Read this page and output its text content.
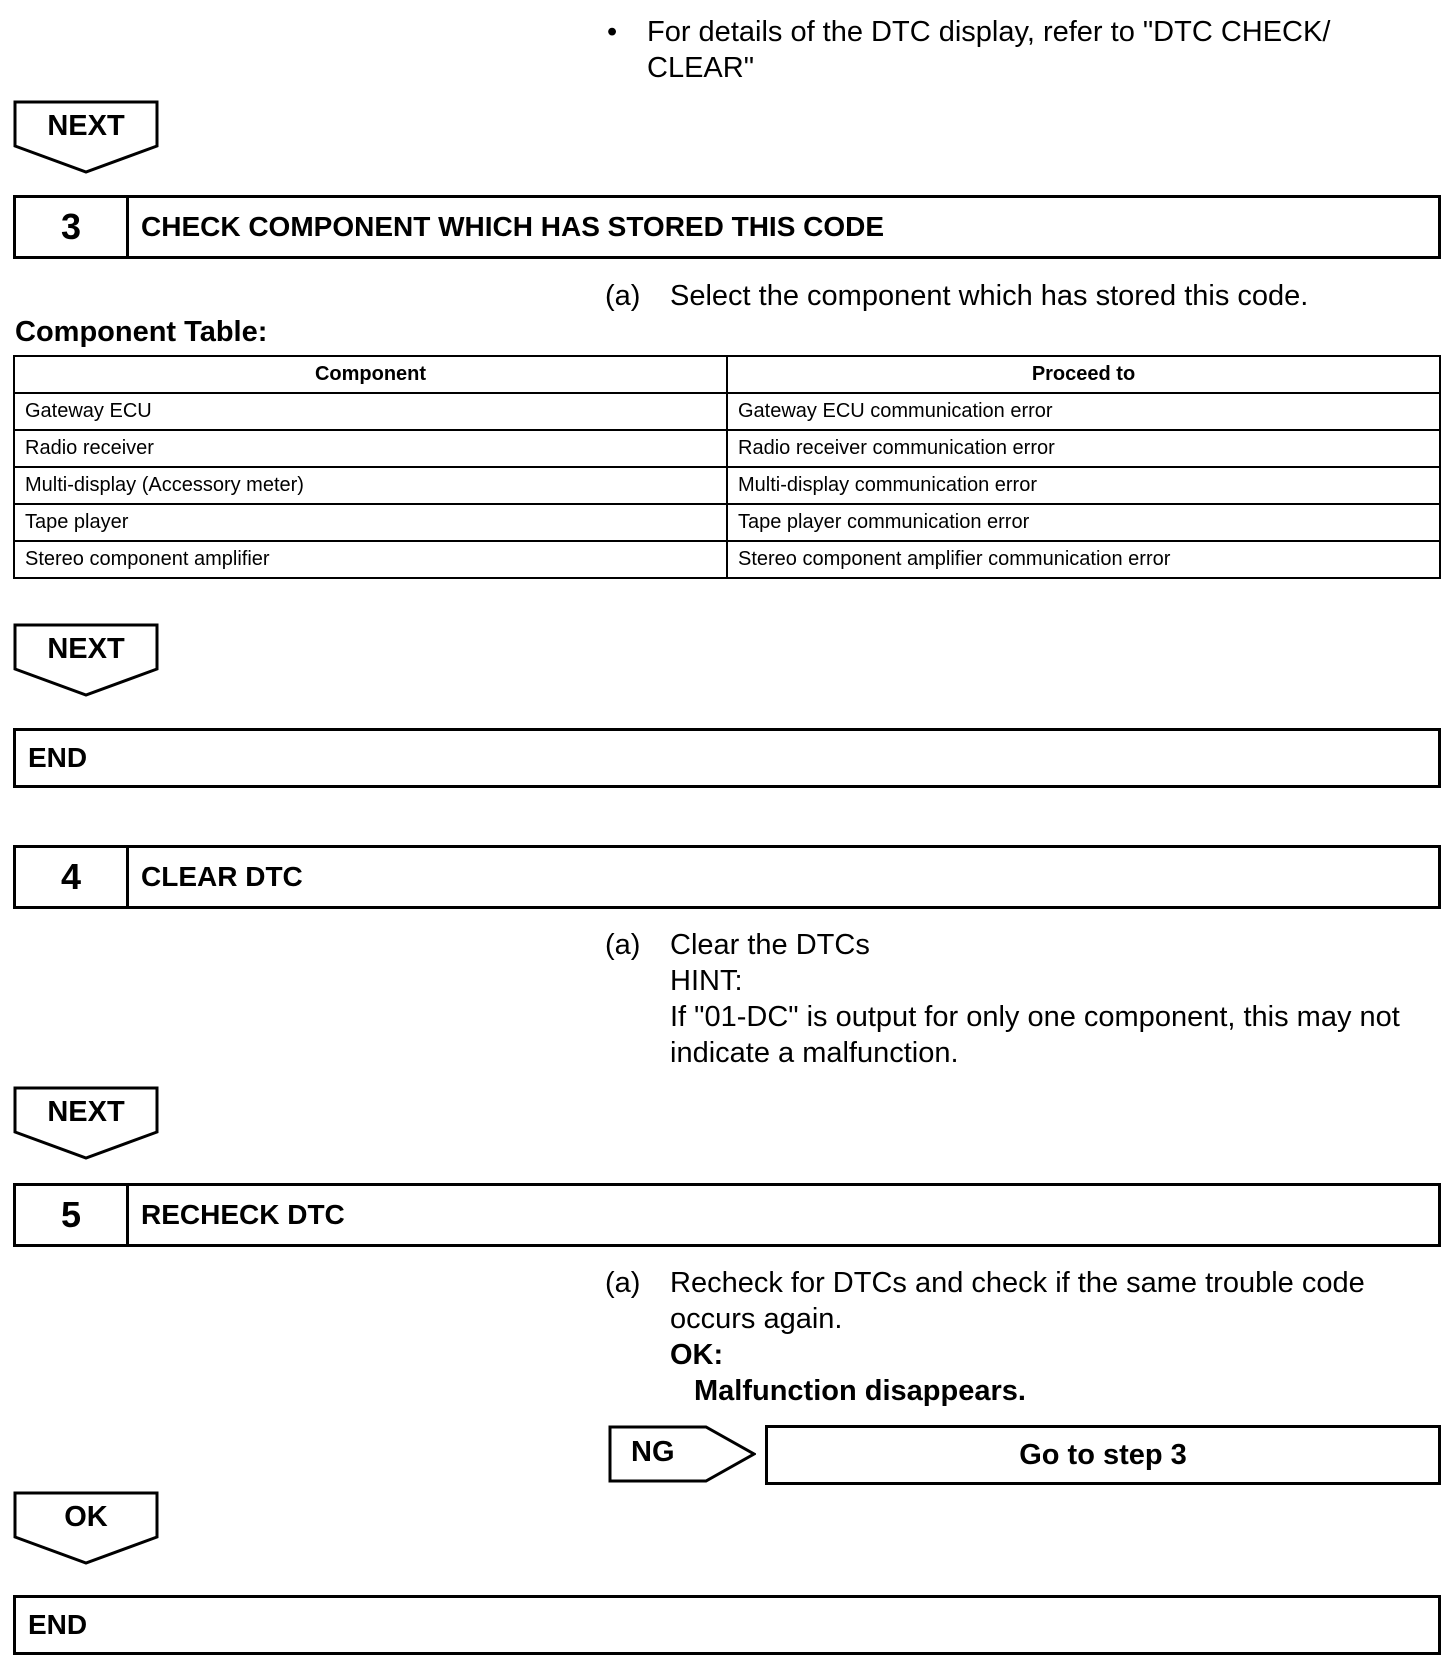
• For details of the DTC display, refer to "DTC CHECK/ CLEAR"
NEXT
3	CHECK COMPONENT WHICH HAS STORED THIS CODE
(a) Select the component which has stored this code.
Component Table:
Component	Proceed to
Gateway ECU	Gateway ECU communication error
Radio receiver	Radio receiver communication error
Multi-display (Accessory meter)	Multi-display communication error
Tape player	Tape player communication error
Stereo component amplifier	Stereo component amplifier communication error
NEXT
END
4	CLEAR DTC
(a) Clear the DTCs
HINT:
If "01-DC" is output for only one component, this may not indicate a malfunction.
NEXT
5	RECHECK DTC
(a) Recheck for DTCs and check if the same trouble code occurs again.
OK:
Malfunction disappears.
NG	Go to step 3
OK
END
